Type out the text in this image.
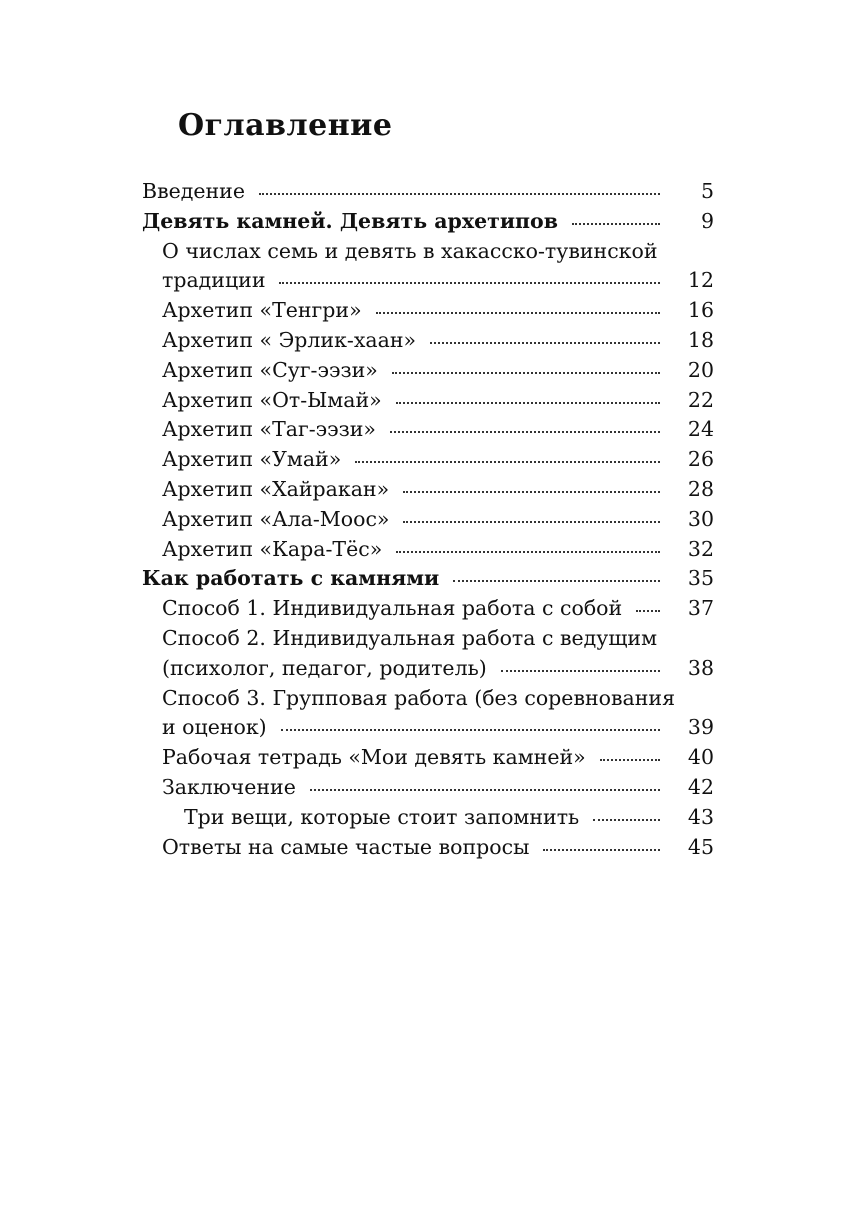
Оглавление
Введение	5
Девять камней. Девять архетипов	9
О числах семь и девять в хакасско-тувинской
традиции	12
Архетип «Тенгри»	16
Архетип « Эрлик-хаан»	18
Архетип «Суг-ээзи»	20
Архетип «От-Ымай»	22
Архетип «Таг-ээзи»	24
Архетип «Умай»	26
Архетип «Хайракан»	28
Архетип «Ала-Моос»	30
Архетип «Кара-Тёс»	32
Как работать с камнями	35
Способ 1. Индивидуальная работа с собой	37
Способ 2. Индивидуальная работа с ведущим
(психолог, педагог, родитель)	38
Способ 3. Групповая работа (без соревнования
и оценок)	39
Рабочая тетрадь «Мои девять камней»	40
Заключение	42
Три вещи, которые стоит запомнить	43
Ответы на самые частые вопросы	45
